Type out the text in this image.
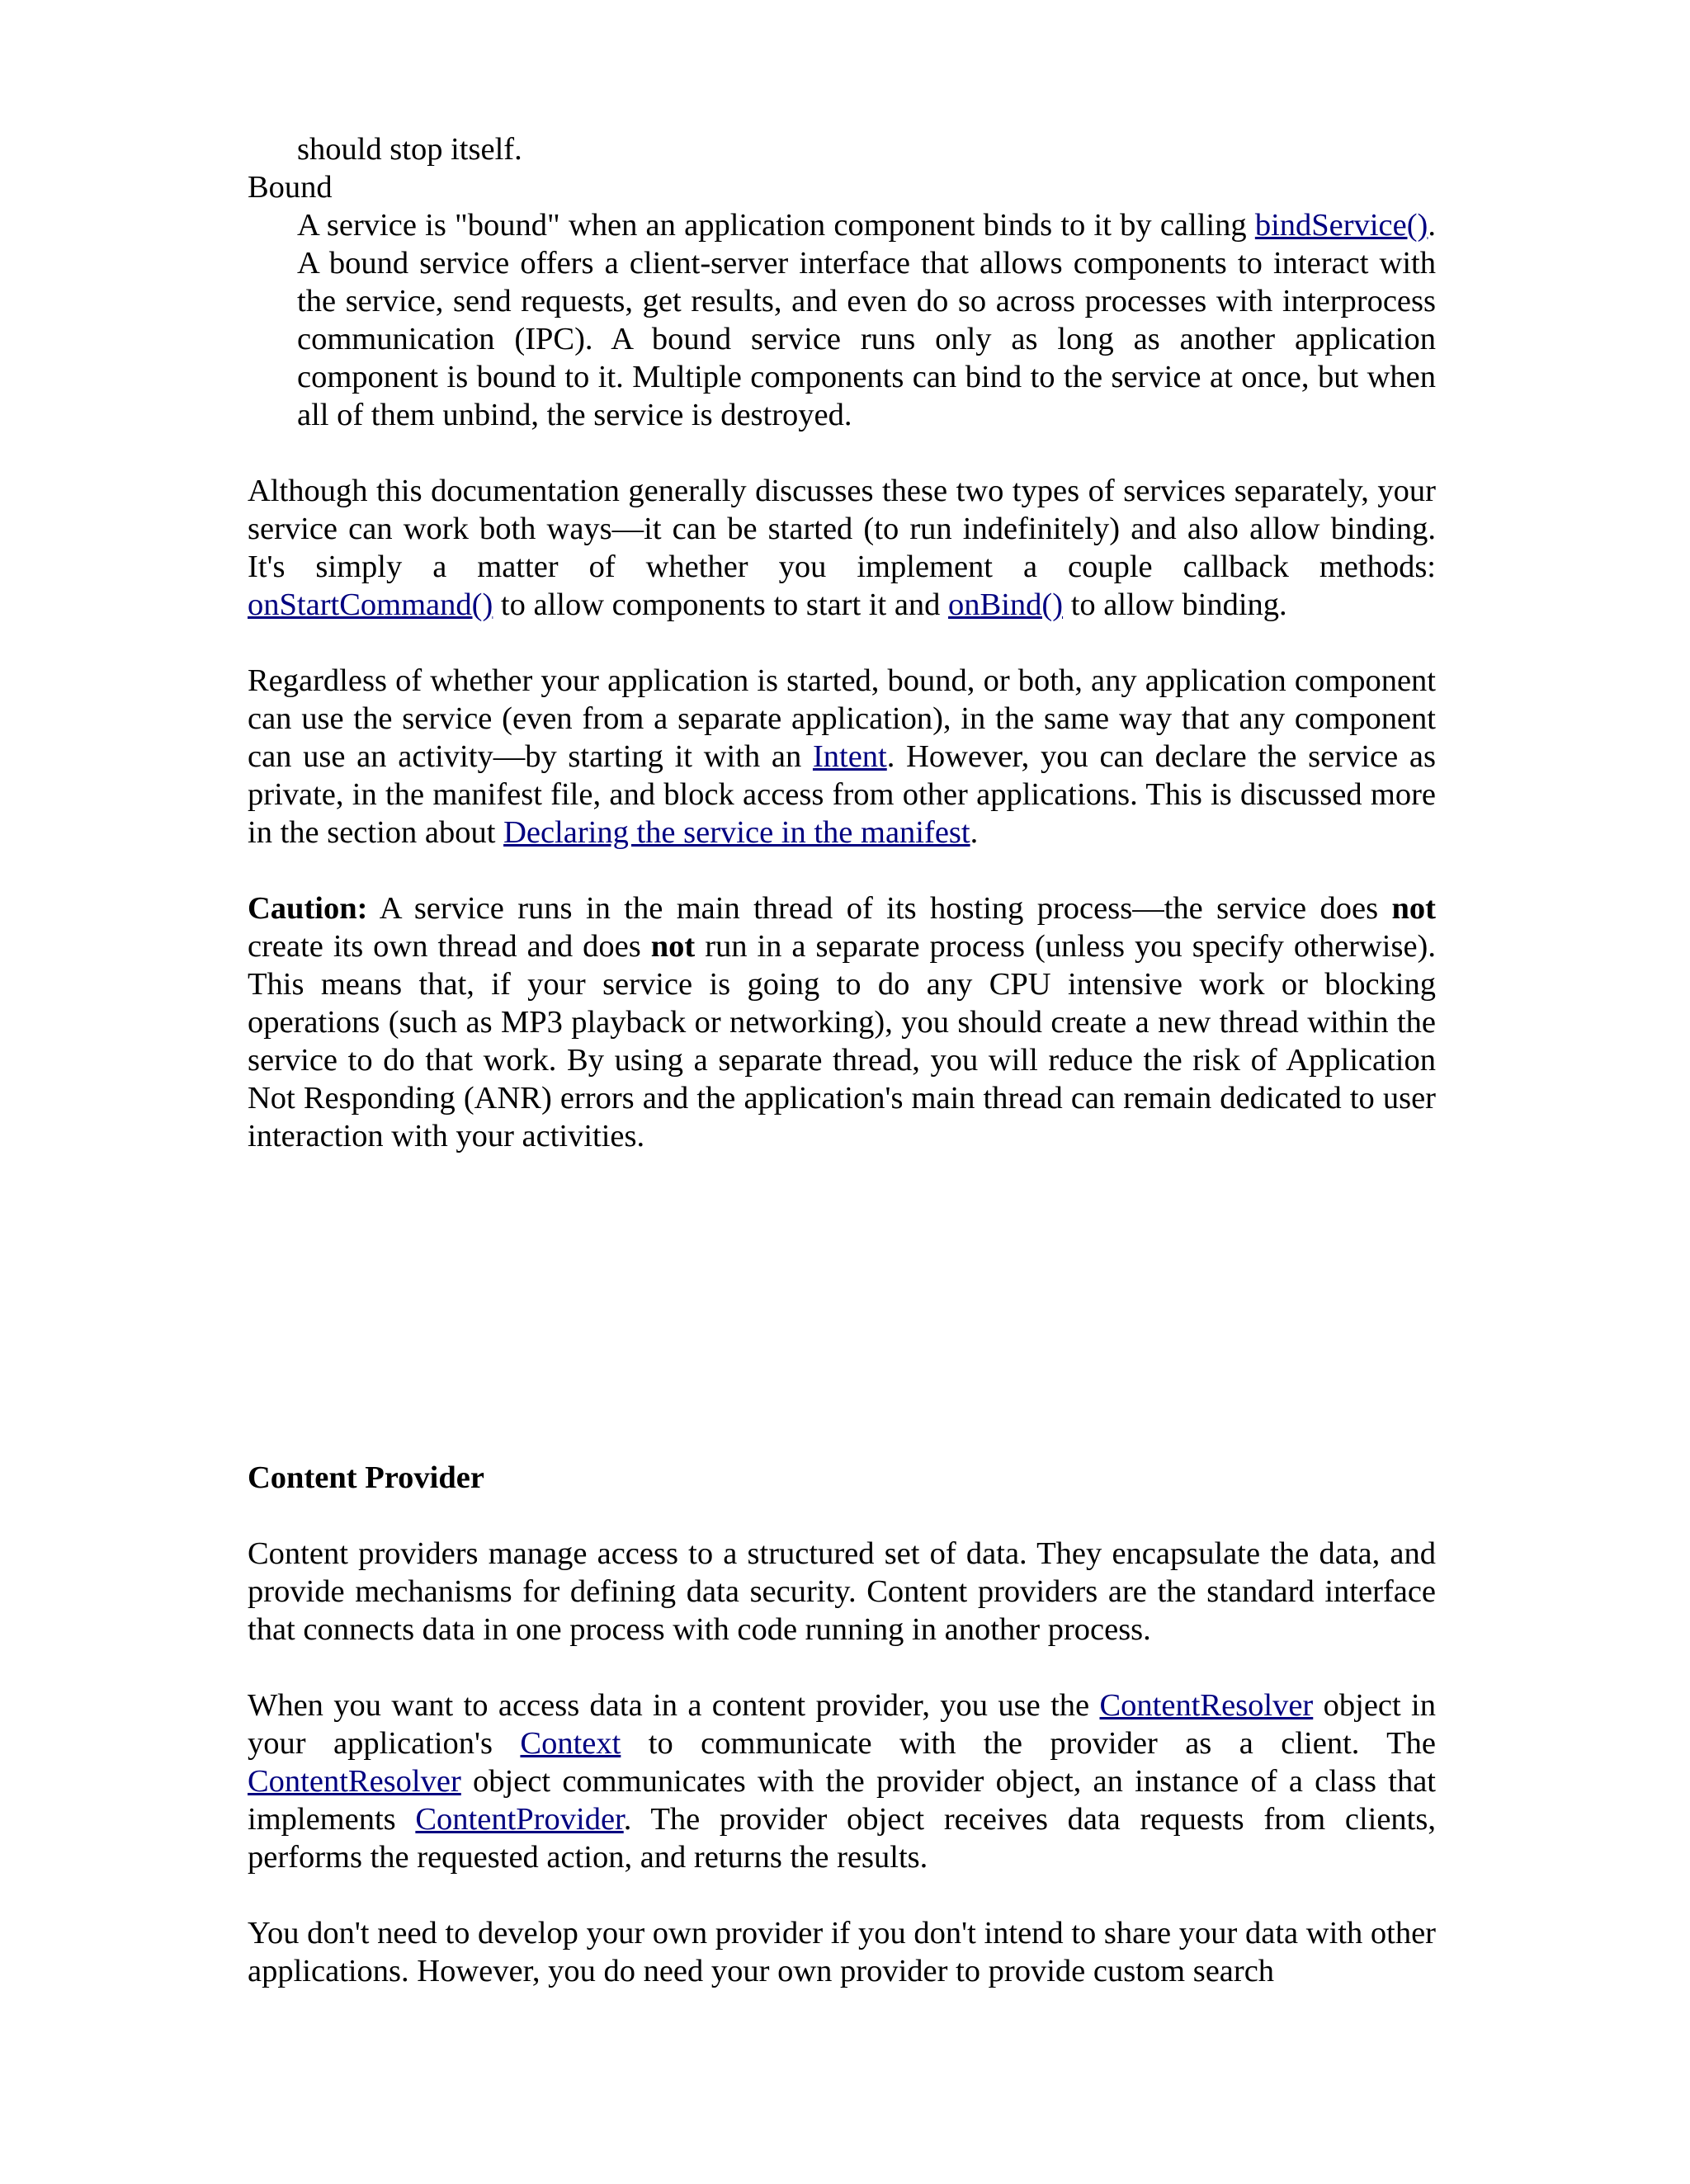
should stop itself.

Bound

A service is "bound" when an application component binds to it by calling bindService(). A bound service offers a client-server interface that allows components to interact with the service, send requests, get results, and even do so across processes with interprocess communication (IPC). A bound service runs only as long as another application component is bound to it. Multiple components can bind to the service at once, but when all of them unbind, the service is destroyed.

Although this documentation generally discusses these two types of services separately, your service can work both ways—it can be started (to run indefinitely) and also allow binding. It's simply a matter of whether you implement a couple callback methods: onStartCommand() to allow components to start it and onBind() to allow binding.

Regardless of whether your application is started, bound, or both, any application component can use the service (even from a separate application), in the same way that any component can use an activity—by starting it with an Intent. However, you can declare the service as private, in the manifest file, and block access from other applications. This is discussed more in the section about Declaring the service in the manifest.

Caution: A service runs in the main thread of its hosting process—the service does not create its own thread and does not run in a separate process (unless you specify otherwise). This means that, if your service is going to do any CPU intensive work or blocking operations (such as MP3 playback or networking), you should create a new thread within the service to do that work. By using a separate thread, you will reduce the risk of Application Not Responding (ANR) errors and the application's main thread can remain dedicated to user interaction with your activities.

Content Provider

Content providers manage access to a structured set of data. They encapsulate the data, and provide mechanisms for defining data security. Content providers are the standard interface that connects data in one process with code running in another process.

When you want to access data in a content provider, you use the ContentResolver object in your application's Context to communicate with the provider as a client. The ContentResolver object communicates with the provider object, an instance of a class that implements ContentProvider. The provider object receives data requests from clients, performs the requested action, and returns the results.

You don't need to develop your own provider if you don't intend to share your data with other applications. However, you do need your own provider to provide custom search
